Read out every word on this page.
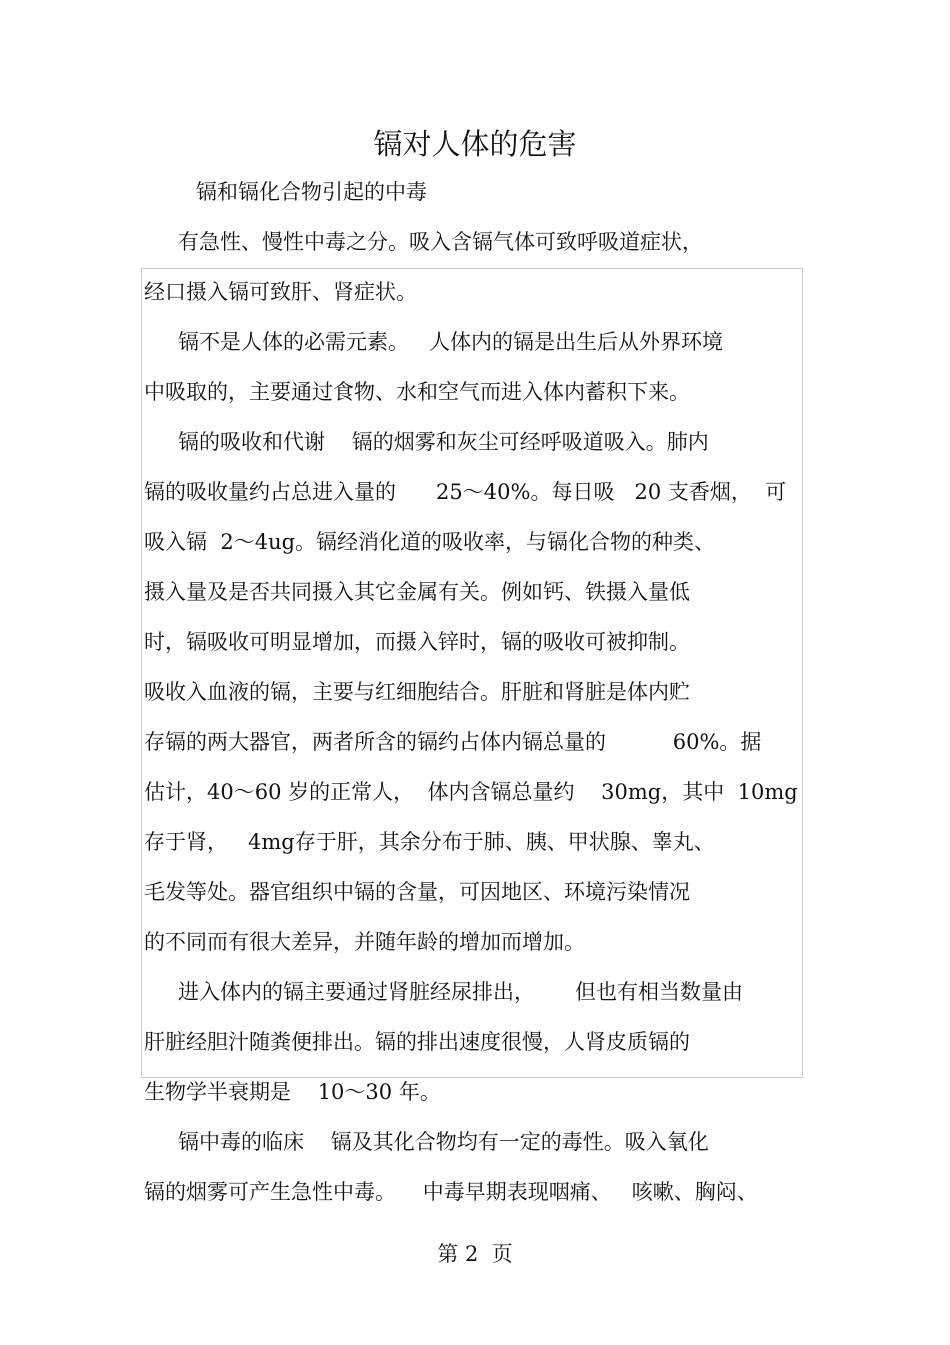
镉对人体的危害
镉和镉化合物引起的中毒
有急性、慢性中毒之分。吸入含镉气体可致呼吸道症状，
经口摄入镉可致肝、肾症状。
镉不是人体的必需元素。   人体内的镉是出生后从外界环境
中吸取的，主要通过食物、水和空气而进入体内蓄积下来。
镉的吸收和代谢    镉的烟雾和灰尘可经呼吸道吸入。肺内
镉的吸收量约占总进入量的      25～40%。每日吸   20 支香烟，  可
吸入镉  2～4ug。镉经消化道的吸收率，与镉化合物的种类、
摄入量及是否共同摄入其它金属有关。例如钙、铁摄入量低
时，镉吸收可明显增加，而摄入锌时，镉的吸收可被抑制。
吸收入血液的镉，主要与红细胞结合。肝脏和肾脏是体内贮
存镉的两大器官，两者所含的镉约占体内镉总量的          60%。据
估计，40～60 岁的正常人，  体内含镉总量约    30mg，其中  10mg
存于肾，   4mg存于肝，其余分布于肺、胰、甲状腺、睾丸、
毛发等处。器官组织中镉的含量，可因地区、环境污染情况
的不同而有很大差异，并随年龄的增加而增加。
进入体内的镉主要通过肾脏经尿排出，      但也有相当数量由
肝脏经胆汁随粪便排出。镉的排出速度很慢，人肾皮质镉的
生物学半衰期是    10～30 年。
镉中毒的临床    镉及其化合物均有一定的毒性。吸入氧化
镉的烟雾可产生急性中毒。    中毒早期表现咽痛、   咳嗽、胸闷、
第 2  页
